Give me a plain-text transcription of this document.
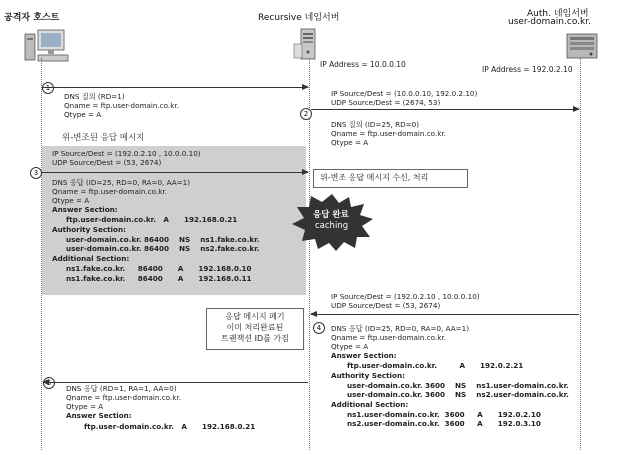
공격자 호스트	Recursive 네임서버	Auth. 네임서버
user-domain.co.kr.
IP Address = 10.0.0.10
IP Address = 192.0.2.10
1
DNS 질의 (RD=1)
Qname = ftp.user-domain.co.kr.
Qtype = A
IP Source/Dest = (10.0.0.10, 192.0.2.10)
UDP Source/Dest = (2674, 53)
2
DNS 질의 (ID=25, RD=0)
Qname = ftp.user-domain.co.kr.
Qtype = A
위-변조된 응답 메시지
3
IP Source/Dest = (192.0.2.10 , 10.0.0.10)
UDP Source/Dest = (53, 2674)
DNS 응답 (ID=25, RD=0, RA=0, AA=1)
Qname = ftp.user-domain.co.kr.
Qtype = A
Answer Section:
ftp.user-domain.co.kr.   A      192.168.0.21
Authority Section:
user-domain.co.kr. 86400    NS    ns1.fake.co.kr.
user-domain.co.kr. 86400    NS    ns2.fake.co.kr.
Additional Section:
ns1.fake.co.kr.     86400      A      192.168.0.10
ns1.fake.co.kr.     86400      A      192.168.0.11
위-변조 응답 메시지 수신, 처리
응답 완료
caching
IP Source/Dest = (192.0.2.10 , 10.0.0.10)
UDP Source/Dest = (53, 2674)
4	DNS 응답 (ID=25, RD=0, RA=0, AA=1)
Qname = ftp.user-domain.co.kr.
Qtype = A
Answer Section:
ftp.user-domain.co.kr.         A      192.0.2.21
Authority Section:
user-domain.co.kr. 3600    NS    ns1.user-domain.co.kr.
user-domain.co.kr. 3600    NS    ns2.user-domain.co.kr.
Additional Section:
ns1.user-domain.co.kr.  3600     A      192.0.2.10
ns2.user-domain.co.kr.  3600     A      192.0.3.10
응답 메시지 폐기
이미 처리완료된
트랜잭션 ID를 가짐
5
DNS 응답 (RD=1, RA=1, AA=0)
Qname = ftp.user-domain.co.kr.
Qtype = A
Answer Section:
ftp.user-domain.co.kr.   A      192.168.0.21
